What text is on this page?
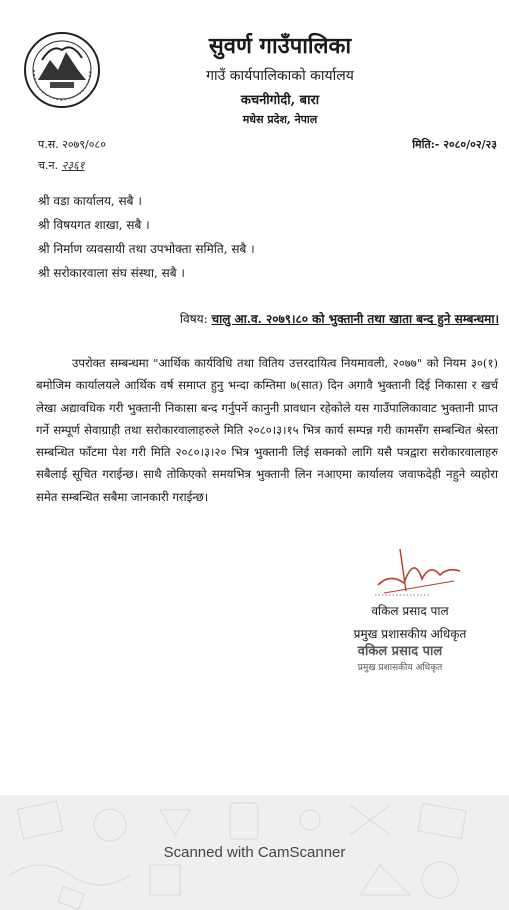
सुवर्ण गाउँपालिका
गाउँ कार्यपालिकाको कार्यालय
कचनीगोदी, बारा
मधेस प्रदेश, नेपाल
प.स. २०७९/०८०	मिति:- २०८०/०२/२३
च.न. २३६१
श्री वडा कार्यालय, सबै ।
श्री विषयगत शाखा, सबै ।
श्री निर्माण व्यवसायी तथा उपभोक्ता समिति, सबै ।
श्री सरोकारवाला संघ संस्था, सबै ।
विषय: चालु आ.व. २०७९।८० को भुक्तानी तथा खाता बन्द हुने सम्बन्धमा।
उपरोक्त सम्बन्धमा "आर्थिक कार्यविधि तथा वितिय उत्तरदायित्व नियमावली, २०७७" को नियम ३०(१) बमोजिम कार्यालयले आर्थिक वर्ष समाप्त हुनु भन्दा कम्तिमा ७(सात) दिन अगावै भुक्तानी दिई निकासा र खर्च लेखा अद्यावधिक गरी भुक्तानी निकासा बन्द गर्नुपर्ने कानुनी प्रावधान रहेकोले यस गाउँपालिकावाट भुक्तानी प्राप्त गर्ने सम्पूर्ण सेवाग्राही तथा सरोकारवालाहरुले मिति २०८०।३।१५ भित्र कार्य सम्पन्न गरी कामसँग सम्बन्धित श्रेस्ता सम्बन्धित फाँटमा पेश गरी मिति २०८०।३।२० भित्र भुक्तानी लिई सक्नको लागि यसै पत्रद्वारा सरोकारवालाहरु सबैलाई सूचित गराईन्छ। साथै तोकिएको समयभित्र भुक्तानी लिन नआएमा कार्यालय जवाफदेही नहुने व्यहोरा समेत सम्बन्धित सबैमा जानकारी गराईन्छ।
वकिल प्रसाद पाल
प्रमुख प्रशासकीय अधिकृत
वकिल प्रसाद पाल
प्रमुख प्रशासकीय अधिकृत
Scanned with CamScanner
